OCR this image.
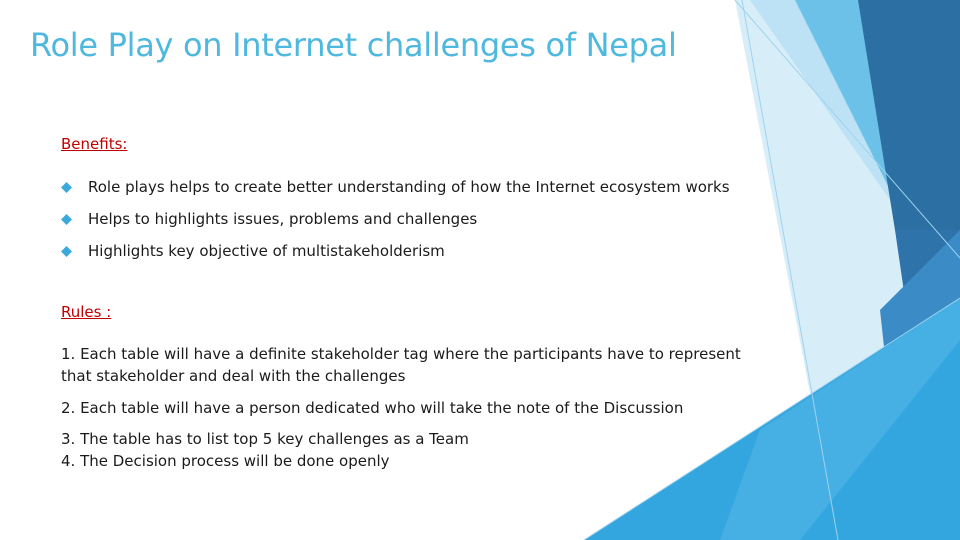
Role Play on Internet challenges of Nepal

Benefits:

Role plays helps to create better understanding of how the Internet ecosystem works
Helps to highlights issues, problems and challenges
Highlights key objective of multistakeholderism

Rules :

1. Each table will have a definite stakeholder tag where the participants have to represent that stakeholder and deal with the challenges

2. Each table will have a person dedicated who will take the note of the Discussion

3. The table has to list top 5 key challenges as a Team

4. The Decision process will be done openly
